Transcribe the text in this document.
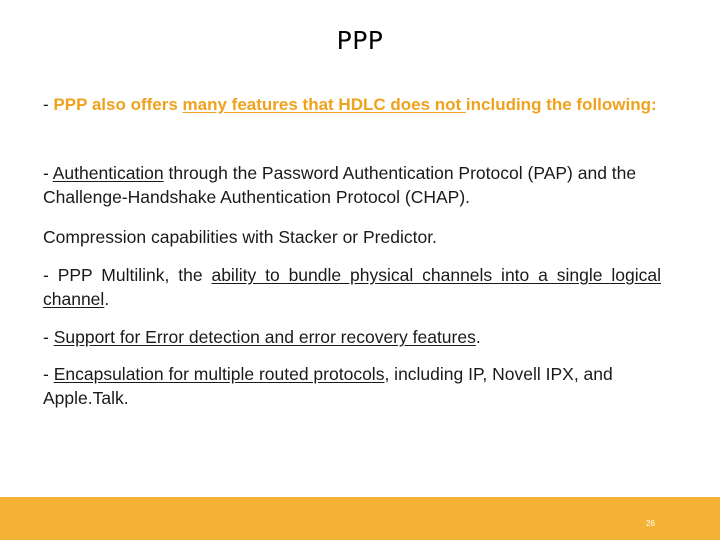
PPP
- PPP also offers many features that HDLC does not including the following:
- Authentication through the Password Authentication Protocol (PAP) and the Challenge-Handshake Authentication Protocol (CHAP).
Compression capabilities with Stacker or Predictor.
- PPP Multilink, the ability to bundle physical channels into a single logical channel.
- Support for Error detection and error recovery features.
- Encapsulation for multiple routed protocols, including IP, Novell IPX, and Apple.Talk.
26
